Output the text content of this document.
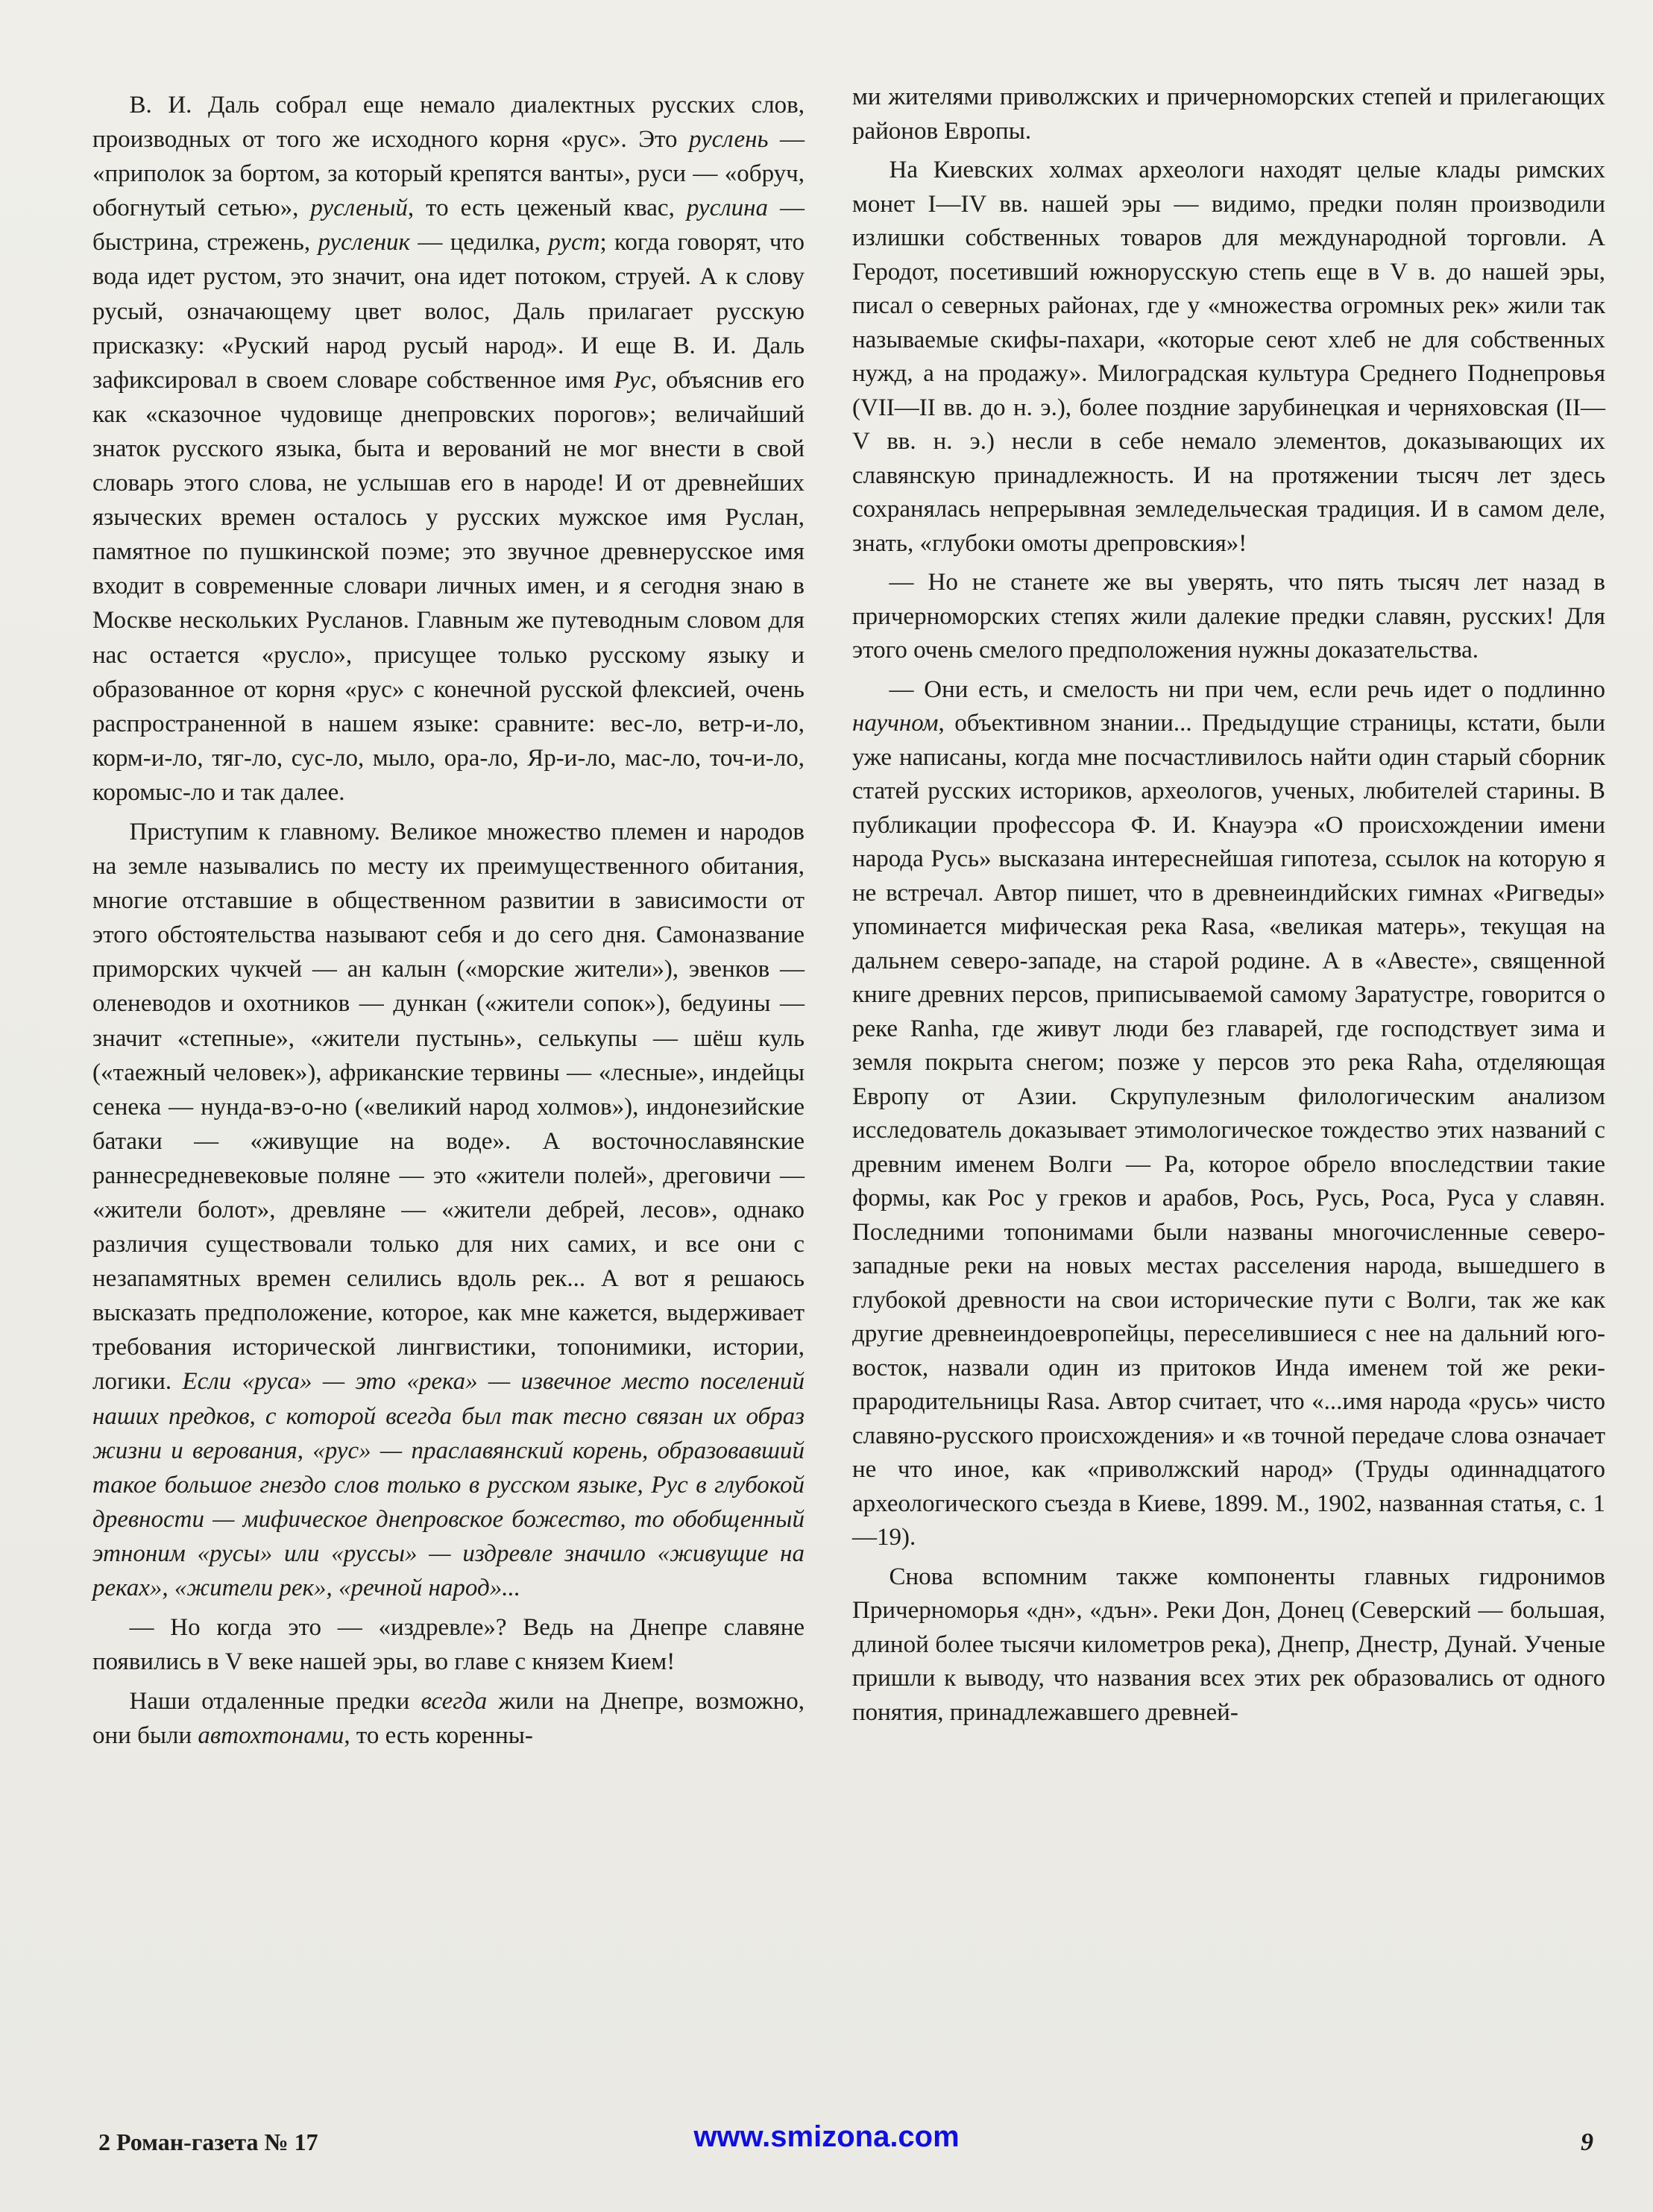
В. И. Даль собрал еще немало диалектных русских слов, производных от того же исходного корня «рус». Это руслень — «приполок за бортом, за который крепятся ванты», руси — «обруч, обогнутый сетью», русленый, то есть цеженый квас, руслина — быстрина, стрежень, русленик — цедилка, руст; когда говорят, что вода идет рустом, это значит, она идет потоком, струей. А к слову русый, означающему цвет волос, Даль прилагает русскую присказку: «Руский народ русый народ». И еще В. И. Даль зафиксировал в своем словаре собственное имя Рус, объяснив его как «сказочное чудовище днепровских порогов»; величайший знаток русского языка, быта и верований не мог внести в свой словарь этого слова, не услышав его в народе! И от древнейших языческих времен осталось у русских мужское имя Руслан, памятное по пушкинской поэме; это звучное древнерусское имя входит в современные словари личных имен, и я сегодня знаю в Москве нескольких Русланов. Главным же путеводным словом для нас остается «русло», присущее только русскому языку и образованное от корня «рус» с конечной русской флексией, очень распространенной в нашем языке: сравните: вес-ло, ветр-и-ло, корм-и-ло, тяг-ло, сус-ло, мыло, ора-ло, Яр-и-ло, мас-ло, точ-и-ло, коромыс-ло и так далее.

Приступим к главному. Великое множество племен и народов на земле назывались по месту их преимущественного обитания, многие отставшие в общественном развитии в зависимости от этого обстоятельства называют себя и до сего дня. Самоназвание приморских чукчей — ан калын («морские жители»), эвенков — оленеводов и охотников — дункан («жители сопок»), бедуины — значит «степные», «жители пустынь», селькупы — шёш куль («таежный человек»), африканские тервины — «лесные», индейцы сенека — нунда-вэ-о-но («великий народ холмов»), индонезийские батаки — «живущие на воде». А восточнославянские раннесредневековые поляне — это «жители полей», дреговичи — «жители болот», древляне — «жители дебрей, лесов», однако различия существовали только для них самих, и все они с незапамятных времен селились вдоль рек... А вот я решаюсь высказать предположение, которое, как мне кажется, выдерживает требования исторической лингвистики, топонимики, истории, логики. Если «руса» — это «река» — извечное место поселений наших предков, с которой всегда был так тесно связан их образ жизни и верования, «рус» — праславянский корень, образовавший такое большое гнездо слов только в русском языке, Рус в глубокой древности — мифическое днепровское божество, то обобщенный этноним «русы» или «руссы» — издревле значило «живущие на реках», «жители рек», «речной народ»...

— Но когда это — «издревле»? Ведь на Днепре славяне появились в V веке нашей эры, во главе с князем Кием!

Наши отдаленные предки всегда жили на Днепре, возможно, они были автохтонами, то есть коренны-

ми жителями приволжских и причерноморских степей и прилегающих районов Европы.

На Киевских холмах археологи находят целые клады римских монет I—IV вв. нашей эры — видимо, предки полян производили излишки собственных товаров для международной торговли. А Геродот, посетивший южнорусскую степь еще в V в. до нашей эры, писал о северных районах, где у «множества огромных рек» жили так называемые скифы-пахари, «которые сеют хлеб не для собственных нужд, а на продажу». Милоградская культура Среднего Поднепровья (VII—II вв. до н. э.), более поздние зарубинецкая и черняховская (II—V вв. н. э.) несли в себе немало элементов, доказывающих их славянскую принадлежность. И на протяжении тысяч лет здесь сохранялась непрерывная земледельческая традиция. И в самом деле, знать, «глубоки омоты дрепровския»!

— Но не станете же вы уверять, что пять тысяч лет назад в причерноморских степях жили далекие предки славян, русских! Для этого очень смелого предположения нужны доказательства.

— Они есть, и смелость ни при чем, если речь идет о подлинно научном, объективном знании... Предыдущие страницы, кстати, были уже написаны, когда мне посчастливилось найти один старый сборник статей русских историков, археологов, ученых, любителей старины. В публикации профессора Ф. И. Кнауэра «О происхождении имени народа Русь» высказана интереснейшая гипотеза, ссылок на которую я не встречал. Автор пишет, что в древнеиндийских гимнах «Ригведы» упоминается мифическая река Rasa, «великая матерь», текущая на дальнем северо-западе, на старой родине. А в «Авесте», священной книге древних персов, приписываемой самому Заратустре, говорится о реке Ranha, где живут люди без главарей, где господствует зима и земля покрыта снегом; позже у персов это река Raha, отделяющая Европу от Азии. Скрупулезным филологическим анализом исследователь доказывает этимологическое тождество этих названий с древним именем Волги — Ра, которое обрело впоследствии такие формы, как Рос у греков и арабов, Рось, Русь, Роса, Руса у славян. Последними топонимами были названы многочисленные северо-западные реки на новых местах расселения народа, вышедшего в глубокой древности на свои исторические пути с Волги, так же как другие древнеиндоевропейцы, переселившиеся с нее на дальний юго-восток, назвали один из притоков Инда именем той же реки-прародительницы Rasa. Автор считает, что «...имя народа «русь» чисто славяно-русского происхождения» и «в точной передаче слова означает не что иное, как «приволжский народ» (Труды одиннадцатого археологического съезда в Киеве, 1899. М., 1902, названная статья, с. 1—19).

Снова вспомним также компоненты главных гидронимов Причерноморья «дн», «дън». Реки Дон, Донец (Северский — большая, длиной более тысячи километров река), Днепр, Днестр, Дунай. Ученые пришли к выводу, что названия всех этих рек образовались от одного понятия, принадлежавшего древней-

2 Роман-газета № 17	www.smizona.com	9
